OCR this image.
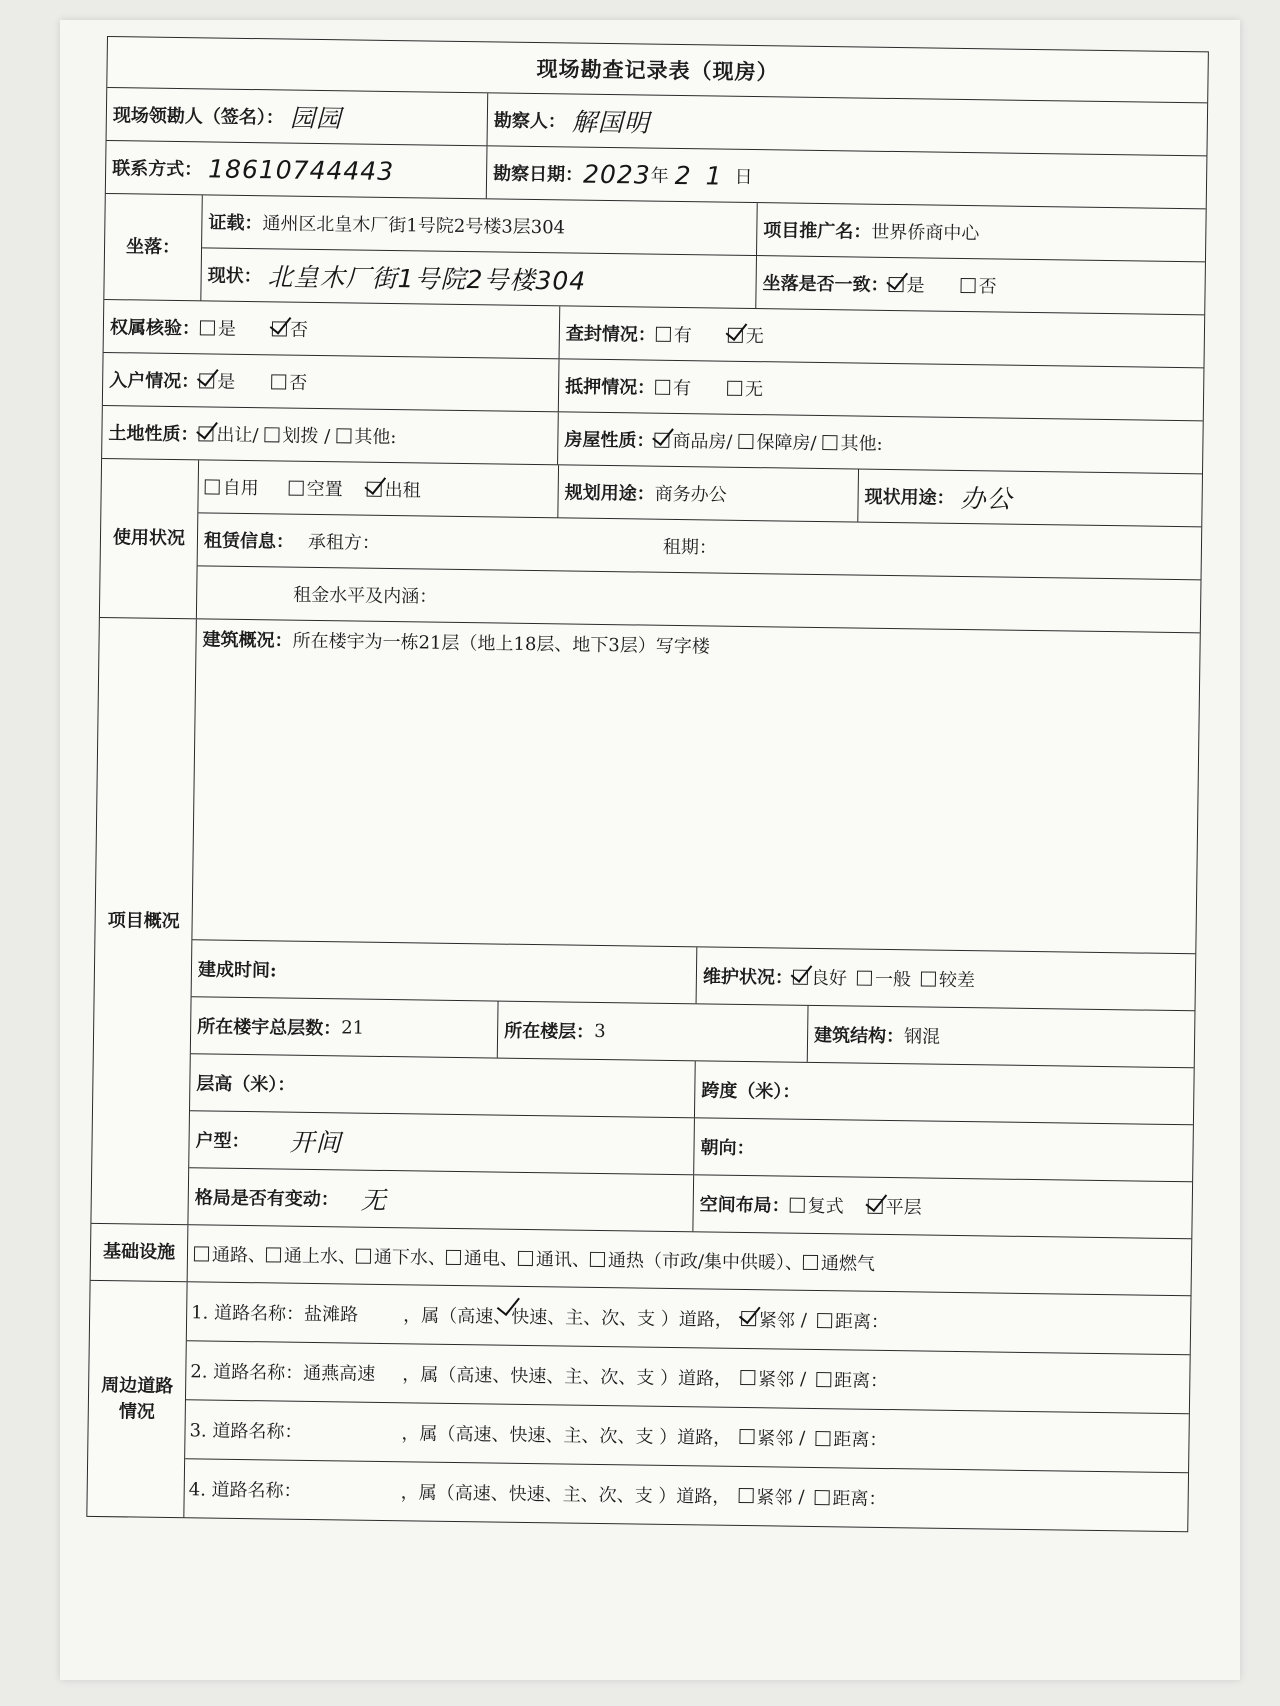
现场勘查记录表（现房）
现场领勘人（签名）： 园园	勘察人： 解国明
联系方式： 18610744443	勘察日期： 2023 年 2 1 日
坐落：
证载： 通州区北皇木厂街1号院2号楼3层304	项目推广名： 世界侨商中心
现状： 北皇木厂街1号院2号楼304	坐落是否一致： 是	否
权属核验： 是	否	查封情况： 有	无
入户情况： 是	否	抵押情况： 有	无
土地性质： 出让/ 划拨 / 其他:	房屋性质： 商品房/ 保障房/ 其他:
使用状况
自用	空置 出租	规划用途： 商务办公	现状用途： 办公
租赁信息： 承租方：	租期：
租金水平及内涵：
项目概况
建筑概况： 所在楼宇为一栋21层（地上18层、地下3层）写字楼
建成时间:	维护状况： 良好 一般 较差
所在楼宇总层数： 21	所在楼层： 3	建筑结构： 钢混
层高（米）：	跨度（米）：
户型： 开间	朝向：
格局是否有变动： 无	空间布局： 复式 平层
基础设施	通路、 通上水、 通下水、 通电、 通讯、 通热（市政/集中供暖）、 通燃气
周边道路情况
1. 道路名称：盐滩路	，属（高速、快速、主、次、支 ）道路，	紧邻 / 距离：
2. 道路名称：通燕高速	，属（高速、快速、主、次、支 ）道路，	紧邻 / 距离：
3. 道路名称：	，属（高速、快速、主、次、支 ）道路，	紧邻 / 距离：
4. 道路名称：	，属（高速、快速、主、次、支 ）道路，	紧邻 / 距离：
